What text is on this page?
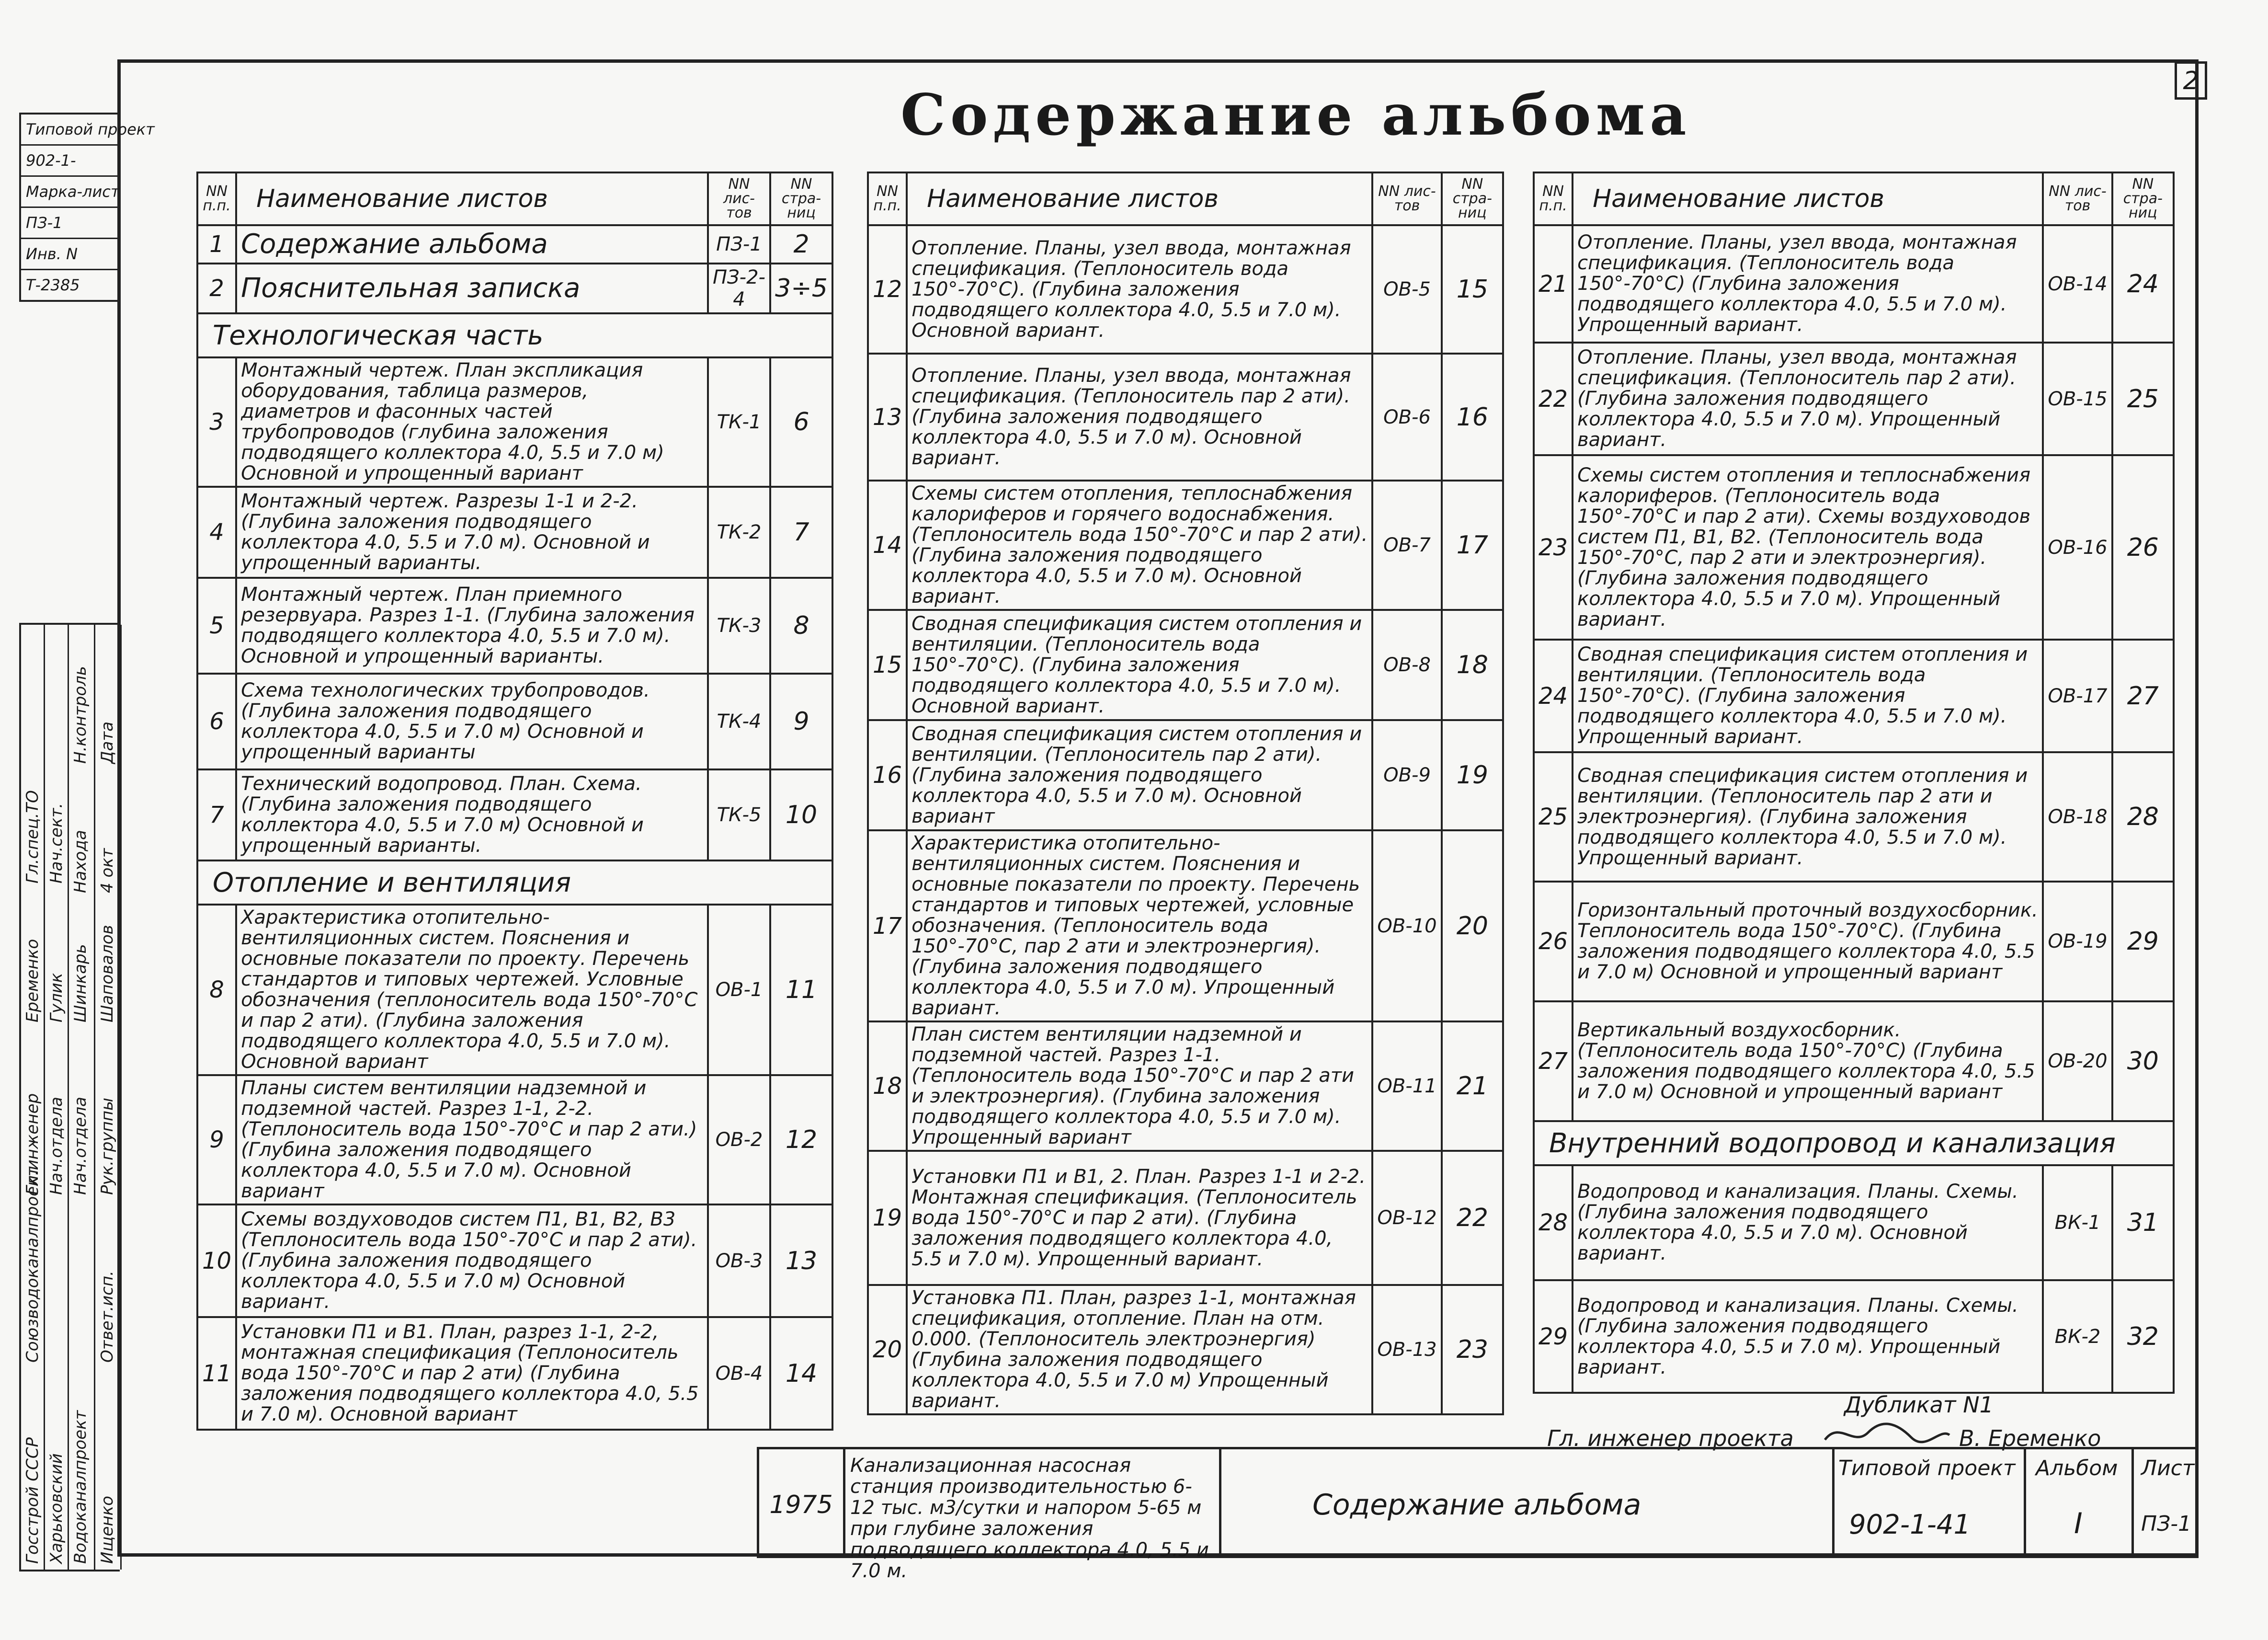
2
Содержание альбома
Типовой проект
902-1-
Марка-лист
ПЗ-1
Инв. N
Т-2385
Госстрой СССР
Союзводоканалпроект
Харьковский Водоканалпроект
Гл.инженер Нач.отдела Нач.отдела Рук.группы
Еременко Гулик Шинкарь Шаповалов
Ответ.исп.
Ищенко
Гл.спец.ТО Нач.сект.
Н.контроль Дата
Находа 4 окт
NN п.п.	Наименование листов	NN лис- тов	NN стра- ниц
1	Содержание альбома	ПЗ-1	2
2	Пояснительная записка	ПЗ-2-4	3÷5
Технологическая часть			
3	Монтажный чертеж. План экспликация оборудования, таблица размеров, диаметров и фасонных частей трубопроводов (глубина заложения подводящего коллектора 4.0, 5.5 и 7.0 м) Основной и упрощенный вариант	ТК-1	6
4	Монтажный чертеж. Разрезы 1-1 и 2-2. (Глубина заложения подводящего коллектора 4.0, 5.5 и 7.0 м). Основной и упрощенный варианты.	ТК-2	7
5	Монтажный чертеж. План приемного резервуара. Разрез 1-1. (Глубина заложения подводящего коллектора 4.0, 5.5 и 7.0 м). Основной и упрощенный варианты.	ТК-3	8
6	Схема технологических трубопроводов. (Глубина заложения подводящего коллектора 4.0, 5.5 и 7.0 м) Основной и упрощенный варианты	ТК-4	9
7	Технический водопровод. План. Схема. (Глубина заложения подводящего коллектора 4.0, 5.5 и 7.0 м) Основной и упрощенный варианты.	ТК-5	10
Отопление и вентиляция			
8	Характеристика отопительно-вентиляционных систем. Пояснения и основные показатели по проекту. Перечень стандартов и типовых чертежей. Условные обозначения (теплоноситель вода 150°-70°С и пар 2 ати). (Глубина заложения подводящего коллектора 4.0, 5.5 и 7.0 м). Основной вариант	ОВ-1	11
9	Планы систем вентиляции надземной и подземной частей. Разрез 1-1, 2-2. (Теплоноситель вода 150°-70°С и пар 2 ати.) (Глубина заложения подводящего коллектора 4.0, 5.5 и 7.0 м). Основной вариант	ОВ-2	12
10	Схемы воздуховодов систем П1, В1, В2, В3 (Теплоноситель вода 150°-70°С и пар 2 ати). (Глубина заложения подводящего коллектора 4.0, 5.5 и 7.0 м) Основной вариант.	ОВ-3	13
11	Установки П1 и В1. План, разрез 1-1, 2-2, монтажная спецификация (Теплоноситель вода 150°-70°С и пар 2 ати) (Глубина заложения подводящего коллектора 4.0, 5.5 и 7.0 м). Основной вариант	ОВ-4	14
NN п.п.	Наименование листов	NN лис- тов	NN стра- ниц
12	Отопление. Планы, узел ввода, монтажная спецификация. (Теплоноситель вода 150°-70°С). (Глубина заложения подводящего коллектора 4.0, 5.5 и 7.0 м). Основной вариант.	ОВ-5	15
13	Отопление. Планы, узел ввода, монтажная спецификация. (Теплоноситель пар 2 ати). (Глубина заложения подводящего коллектора 4.0, 5.5 и 7.0 м). Основной вариант.	ОВ-6	16
14	Схемы систем отопления, теплоснабжения калориферов и горячего водоснабжения. (Теплоноситель вода 150°-70°С и пар 2 ати). (Глубина заложения подводящего коллектора 4.0, 5.5 и 7.0 м). Основной вариант.	ОВ-7	17
15	Сводная спецификация систем отопления и вентиляции. (Теплоноситель вода 150°-70°С). (Глубина заложения подводящего коллектора 4.0, 5.5 и 7.0 м). Основной вариант.	ОВ-8	18
16	Сводная спецификация систем отопления и вентиляции. (Теплоноситель пар 2 ати). (Глубина заложения подводящего коллектора 4.0, 5.5 и 7.0 м). Основной вариант	ОВ-9	19
17	Характеристика отопительно-вентиляционных систем. Пояснения и основные показатели по проекту. Перечень стандартов и типовых чертежей, условные обозначения. (Теплоноситель вода 150°-70°С, пар 2 ати и электроэнергия). (Глубина заложения подводящего коллектора 4.0, 5.5 и 7.0 м). Упрощенный вариант.	ОВ-10	20
18	План систем вентиляции надземной и подземной частей. Разрез 1-1. (Теплоноситель вода 150°-70°С и пар 2 ати и электроэнергия). (Глубина заложения подводящего коллектора 4.0, 5.5 и 7.0 м). Упрощенный вариант	ОВ-11	21
19	Установки П1 и В1, 2. План. Разрез 1-1 и 2-2. Монтажная спецификация. (Теплоноситель вода 150°-70°С и пар 2 ати). (Глубина заложения подводящего коллектора 4.0, 5.5 и 7.0 м). Упрощенный вариант.	ОВ-12	22
20	Установка П1. План, разрез 1-1, монтажная спецификация, отопление. План на отм. 0.000. (Теплоноситель электроэнергия) (Глубина заложения подводящего коллектора 4.0, 5.5 и 7.0 м) Упрощенный вариант.	ОВ-13	23
NN п.п.	Наименование листов	NN лис- тов	NN стра- ниц
21	Отопление. Планы, узел ввода, монтажная спецификация. (Теплоноситель вода 150°-70°С) (Глубина заложения подводящего коллектора 4.0, 5.5 и 7.0 м). Упрощенный вариант.	ОВ-14	24
22	Отопление. Планы, узел ввода, монтажная спецификация. (Теплоноситель пар 2 ати). (Глубина заложения подводящего коллектора 4.0, 5.5 и 7.0 м). Упрощенный вариант.	ОВ-15	25
23	Схемы систем отопления и теплоснабжения калориферов. (Теплоноситель вода 150°-70°С и пар 2 ати). Схемы воздуховодов систем П1, В1, В2. (Теплоноситель вода 150°-70°С, пар 2 ати и электроэнергия). (Глубина заложения подводящего коллектора 4.0, 5.5 и 7.0 м). Упрощенный вариант.	ОВ-16	26
24	Сводная спецификация систем отопления и вентиляции. (Теплоноситель вода 150°-70°С). (Глубина заложения подводящего коллектора 4.0, 5.5 и 7.0 м). Упрощенный вариант.	ОВ-17	27
25	Сводная спецификация систем отопления и вентиляции. (Теплоноситель пар 2 ати и электроэнергия). (Глубина заложения подводящего коллектора 4.0, 5.5 и 7.0 м). Упрощенный вариант.	ОВ-18	28
26	Горизонтальный проточный воздухосборник. Теплоноситель вода 150°-70°С). (Глубина заложения подводящего коллектора 4.0, 5.5 и 7.0 м) Основной и упрощенный вариант	ОВ-19	29
27	Вертикальный воздухосборник. (Теплоноситель вода 150°-70°С) (Глубина заложения подводящего коллектора 4.0, 5.5 и 7.0 м) Основной и упрощенный вариант	ОВ-20	30
Внутренний водопровод и канализация			
28	Водопровод и канализация. Планы. Схемы. (Глубина заложения подводящего коллектора 4.0, 5.5 и 7.0 м). Основной вариант.	ВК-1	31
29	Водопровод и канализация. Планы. Схемы. (Глубина заложения подводящего коллектора 4.0, 5.5 и 7.0 м). Упрощенный вариант.	ВК-2	32
Дубликат N1
Гл. инженер проекта	В. Еременко
1975
Канализационная насосная станция производительностью 6-12 тыс. м3/сутки и напором 5-65 м при глубине заложения подводящего коллектора 4.0, 5.5 и 7.0 м.
Содержание альбома
Типовой проект
902-1-41
Альбом
I
Лист
ПЗ-1
